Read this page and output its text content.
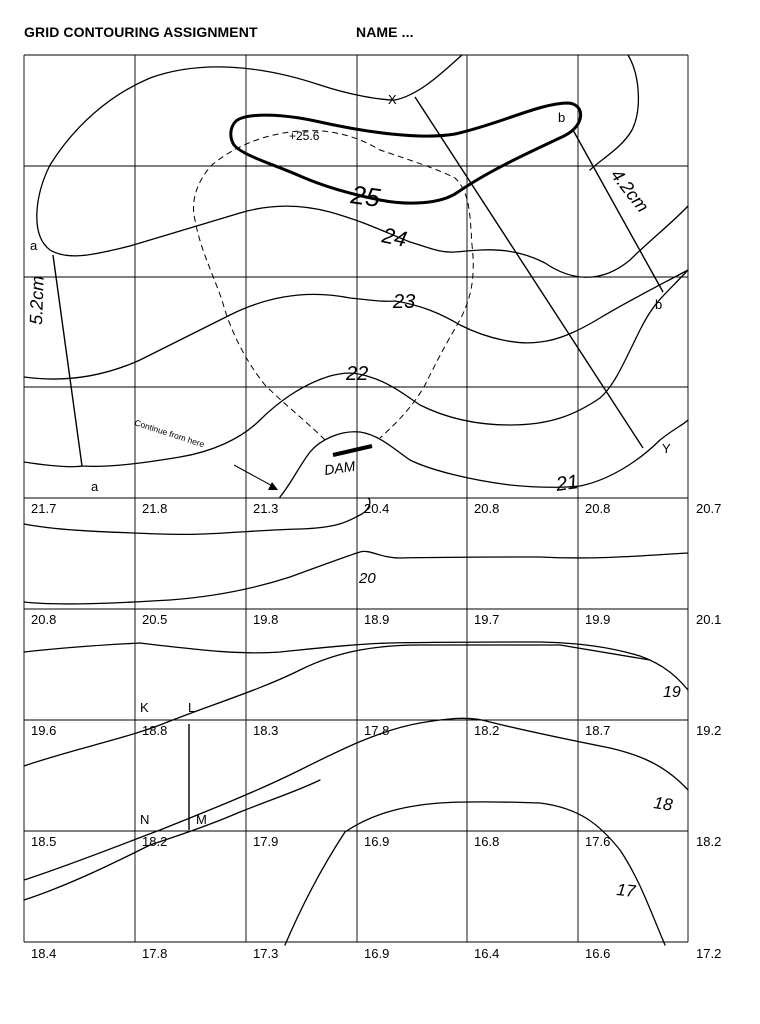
GRID CONTOURING ASSIGNMENT	NAME ...
21.7	21.8	21.3	20.4	20.8	20.8	20.7
20.8	20.5	19.8	18.9	19.7	19.9	20.1
19.6	18.8	18.3	17.8	18.2	18.7	19.2
18.5	18.2	17.9	16.9	16.8	17.6	18.2
18.4	17.8	17.3	16.9	16.4	16.6	17.2
X
Y
a
a
b
b
K	L
M
N
+25.6
Continue from here
25
24
23
22
21
20
19
18
17
DAM
5.2cm
4.2cm
